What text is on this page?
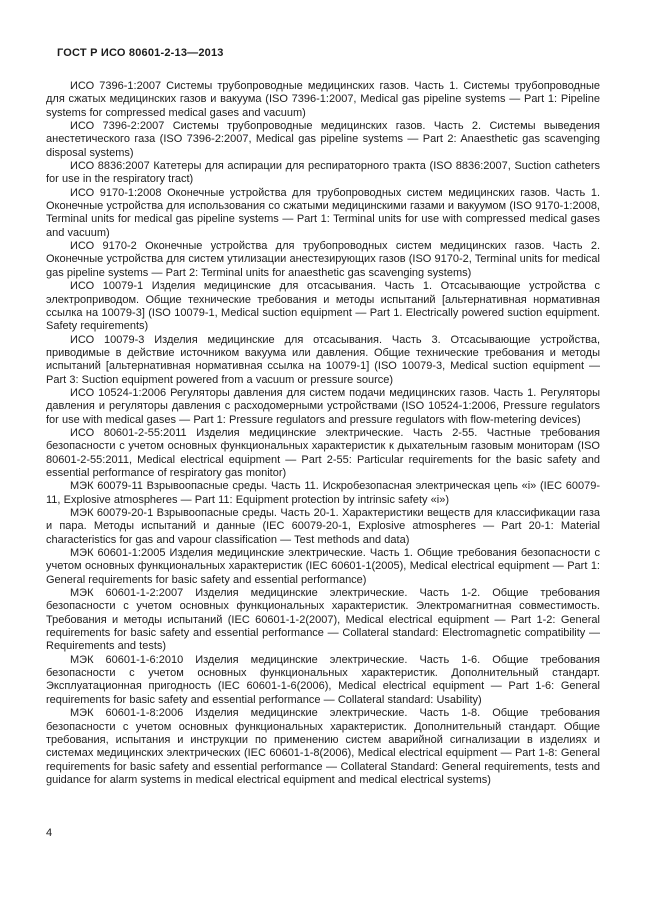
ГОСТ Р ИСО 80601-2-13—2013

ИСО 7396-1:2007 Системы трубопроводные медицинских газов. Часть 1. Системы трубопроводные для сжатых медицинских газов и вакуума (ISO 7396-1:2007, Medical gas pipeline systems — Part 1: Pipeline systems for compressed medical gases and vacuum)

ИСО 7396-2:2007 Системы трубопроводные медицинских газов. Часть 2. Системы выведения анестетического газа (ISO 7396-2:2007, Medical gas pipeline systems — Part 2: Anaesthetic gas scavenging disposal systems)

ИСО 8836:2007 Катетеры для аспирации для респираторного тракта (ISO 8836:2007, Suction catheters for use in the respiratory tract)

ИСО 9170-1:2008 Оконечные устройства для трубопроводных систем медицинских газов. Часть 1. Оконечные устройства для использования со сжатыми медицинскими газами и вакуумом (ISO 9170-1:2008, Terminal units for medical gas pipeline systems — Part 1: Terminal units for use with compressed medical gases and vacuum)

ИСО 9170-2 Оконечные устройства для трубопроводных систем медицинских газов. Часть 2. Оконечные устройства для систем утилизации анестезирующих газов (ISO 9170-2, Terminal units for medical gas pipeline systems — Part 2: Terminal units for anaesthetic gas scavenging systems)

ИСО 10079-1 Изделия медицинские для отсасывания. Часть 1. Отсасывающие устройства с электроприводом. Общие технические требования и методы испытаний [альтернативная нормативная ссылка на 10079-3] (ISO 10079-1, Medical suction equipment — Part 1. Electrically powered suction equipment. Safety requirements)

ИСО 10079-3 Изделия медицинские для отсасывания. Часть 3. Отсасывающие устройства, приводимые в действие источником вакуума или давления. Общие технические требования и методы испытаний [альтернативная нормативная ссылка на 10079-1] (ISO 10079-3, Medical suction equipment — Part 3: Suction equipment powered from a vacuum or pressure source)

ИСО 10524-1:2006 Регуляторы давления для систем подачи медицинских газов. Часть 1. Регуляторы давления и регуляторы давления с расходомерными устройствами (ISO 10524-1:2006, Pressure regulators for use with medical gases — Part 1: Pressure regulators and pressure regulators with flow-metering devices)

ИСО 80601-2-55:2011 Изделия медицинские электрические. Часть 2-55. Частные требования безопасности с учетом основных функциональных характеристик к дыхательным газовым мониторам (ISO 80601-2-55:2011, Medical electrical equipment — Part 2-55: Particular requirements for the basic safety and essential performance of respiratory gas monitor)

МЭК 60079-11 Взрывоопасные среды. Часть 11. Искробезопасная электрическая цепь «i» (IEC 60079-11, Explosive atmospheres — Part 11: Equipment protection by intrinsic safety «i»)

МЭК 60079-20-1 Взрывоопасные среды. Часть 20-1. Характеристики веществ для классификации газа и пара. Методы испытаний и данные (IEC 60079-20-1, Explosive atmospheres — Part 20-1: Material characteristics for gas and vapour classification — Test methods and data)

МЭК 60601-1:2005 Изделия медицинские электрические. Часть 1. Общие требования безопасности с учетом основных функциональных характеристик (IEC 60601-1(2005), Medical electrical equipment — Part 1: General requirements for basic safety and essential performance)

МЭК 60601-1-2:2007 Изделия медицинские электрические. Часть 1-2. Общие требования безопасности с учетом основных функциональных характеристик. Электромагнитная совместимость. Требования и методы испытаний (IEC 60601-1-2(2007), Medical electrical equipment — Part 1-2: General requirements for basic safety and essential performance — Collateral standard: Electromagnetic compatibility — Requirements and tests)

МЭК 60601-1-6:2010 Изделия медицинские электрические. Часть 1-6. Общие требования безопасности с учетом основных функциональных характеристик. Дополнительный стандарт. Эксплуатационная пригодность (IEC 60601-1-6(2006), Medical electrical equipment — Part 1-6: General requirements for basic safety and essential performance — Collateral standard: Usability)

МЭК 60601-1-8:2006 Изделия медицинские электрические. Часть 1-8. Общие требования безопасности с учетом основных функциональных характеристик. Дополнительный стандарт. Общие требования, испытания и инструкции по применению систем аварийной сигнализации в изделиях и системах медицинских электрических (IEC 60601-1-8(2006), Medical electrical equipment — Part 1-8: General requirements for basic safety and essential performance — Collateral Standard: General requirements, tests and guidance for alarm systems in medical electrical equipment and medical electrical systems)

4
